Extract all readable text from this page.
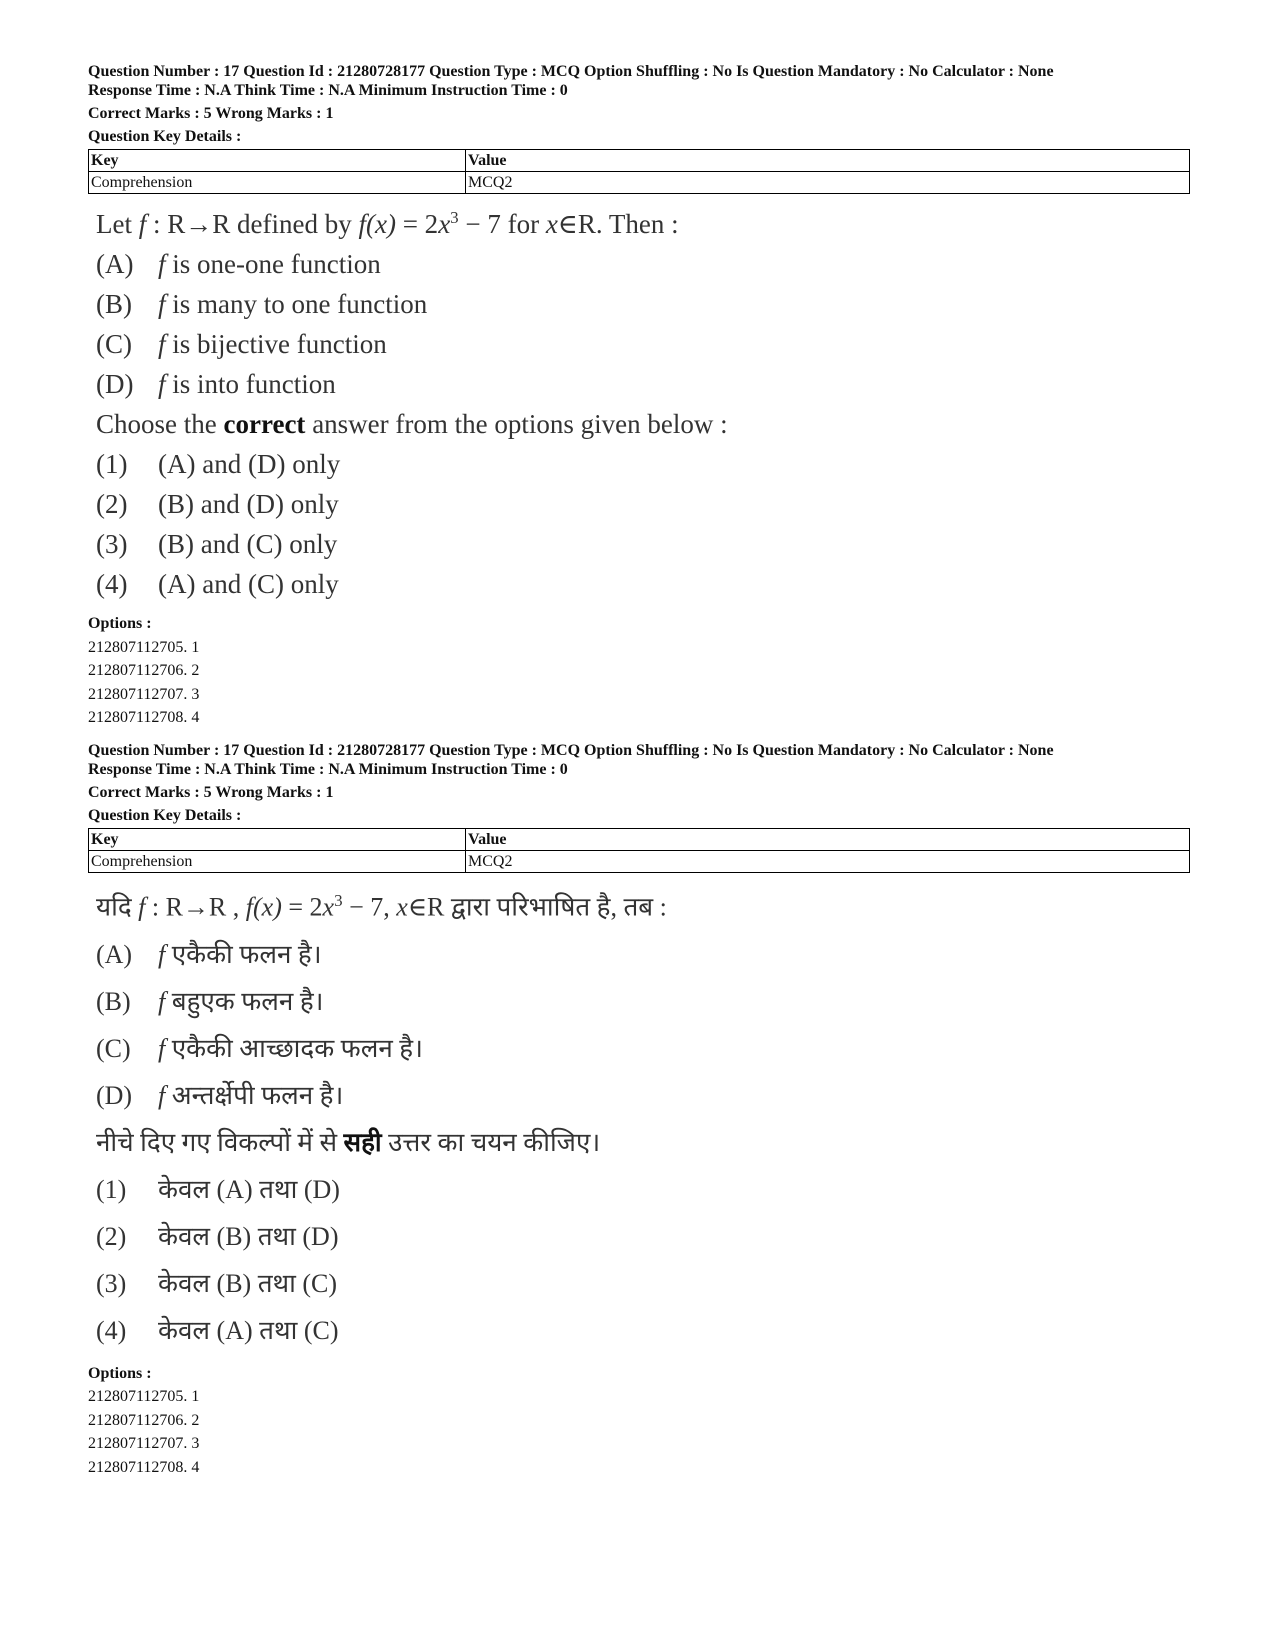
Question Number : 17 Question Id : 21280728177 Question Type : MCQ Option Shuffling : No Is Question Mandatory : No Calculator : None
Response Time : N.A Think Time : N.A Minimum Instruction Time : 0
Correct Marks : 5 Wrong Marks : 1
Question Key Details :
Key	Value
Comprehension	MCQ2
Let f : R→R defined by $f(x) = 2x^3 - 7$ for x∈R. Then :
(A) f is one-one function
(B) f is many to one function
(C) f is bijective function
(D) f is into function
Choose the correct answer from the options given below :
(1)	(A) and (D) only
(2)	(B) and (D) only
(3)	(B) and (C) only
(4)	(A) and (C) only
Options :
212807112705. 1
212807112706. 2
212807112707. 3
212807112708. 4
Question Number : 17 Question Id : 21280728177 Question Type : MCQ Option Shuffling : No Is Question Mandatory : No Calculator : None
Response Time : N.A Think Time : N.A Minimum Instruction Time : 0
Correct Marks : 5 Wrong Marks : 1
Question Key Details :
Key	Value
Comprehension	MCQ2
यदि f : R→R , $f(x) = 2x^3 - 7$, x∈R द्वारा परिभाषित है, तब :
(A) f एकैकी फलन है।
(B)	f बहुएक फलन है।
(C)	f एकैकी आच्छादक फलन है।
(D) f अन्तर्क्षेपी फलन है।
नीचे दिए गए विकल्पों में से सही उत्तर का चयन कीजिए।
(1)	केवल (A) तथा (D)
(2)	केवल (B) तथा (D)
(3)	केवल (B) तथा (C)
(4)	केवल (A) तथा (C)
Options :
212807112705. 1
212807112706. 2
212807112707. 3
212807112708. 4
